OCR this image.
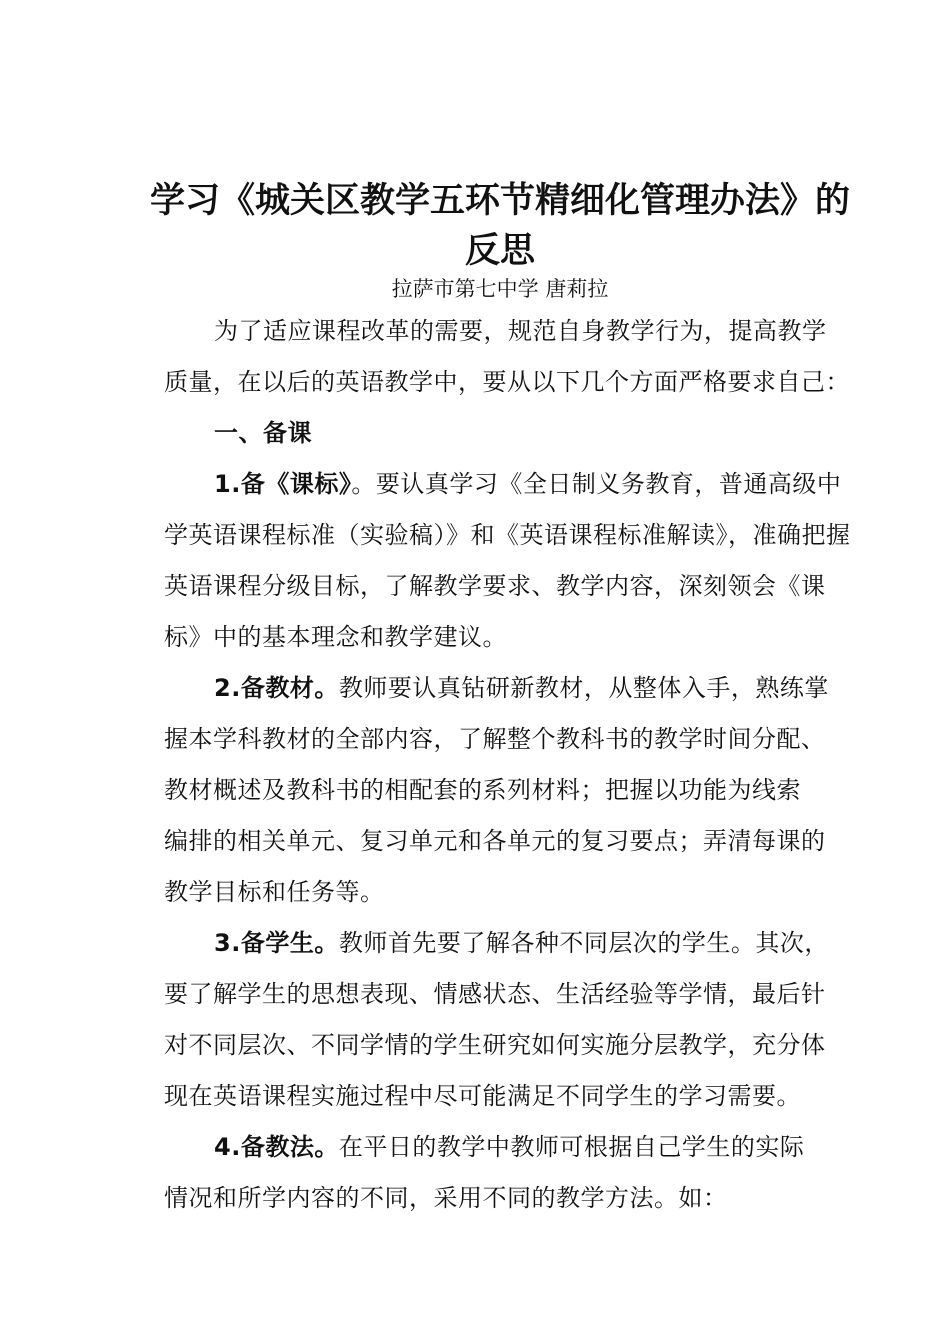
学习《城关区教学五环节精细化管理办法》的
反思
拉萨市第七中学 唐莉拉
为了适应课程改革的需要，规范自身教学行为，提高教学
质量，在以后的英语教学中，要从以下几个方面严格要求自己：
一、备课
1.备《课标》。要认真学习《全日制义务教育，普通高级中
学英语课程标准（实验稿）》和《英语课程标准解读》，准确把握
英语课程分级目标，了解教学要求、教学内容，深刻领会《课
标》中的基本理念和教学建议。
2.备教材。教师要认真钻研新教材，从整体入手，熟练掌
握本学科教材的全部内容，了解整个教科书的教学时间分配、
教材概述及教科书的相配套的系列材料；把握以功能为线索
编排的相关单元、复习单元和各单元的复习要点；弄清每课的
教学目标和任务等。
3.备学生。教师首先要了解各种不同层次的学生。其次，
要了解学生的思想表现、情感状态、生活经验等学情，最后针
对不同层次、不同学情的学生研究如何实施分层教学，充分体
现在英语课程实施过程中尽可能满足不同学生的学习需要。
4.备教法。在平日的教学中教师可根据自己学生的实际
情况和所学内容的不同，采用不同的教学方法。如：
